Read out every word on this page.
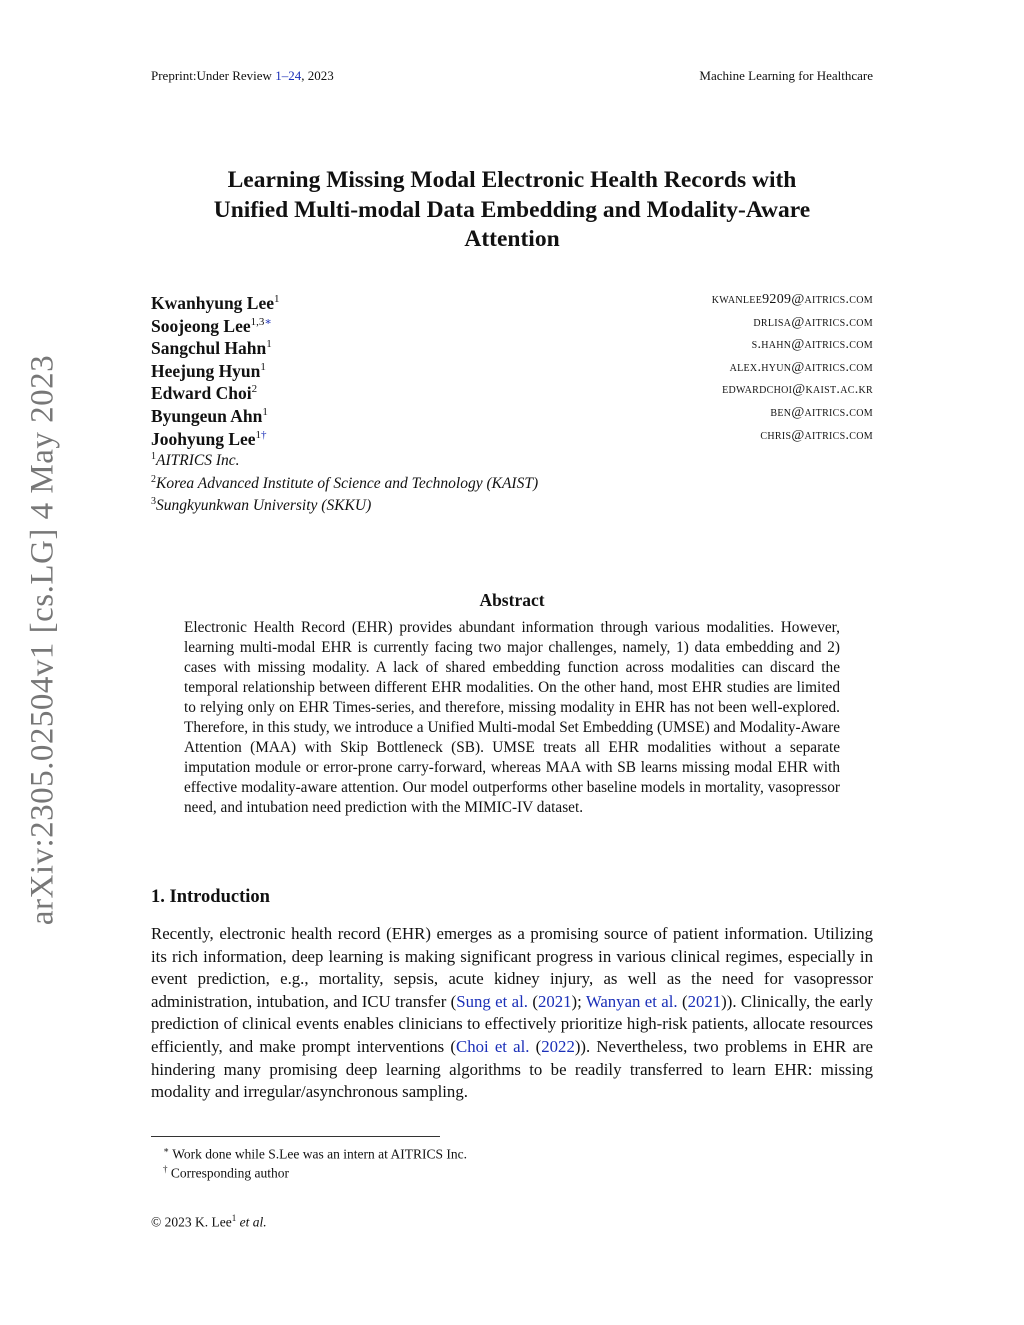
Preprint:Under Review 1–24, 2023	Machine Learning for Healthcare
arXiv:2305.02504v1 [cs.LG] 4 May 2023
Learning Missing Modal Electronic Health Records with
Unified Multi-modal Data Embedding and Modality-Aware
Attention
Kwanhyung Lee$^1$	kwanlee9209@aitrics.com
Soojeong Lee$^{1,3∗}$	drlisa@aitrics.com
Sangchul Hahn$^1$	s.hahn@aitrics.com
Heejung Hyun$^1$	alex.hyun@aitrics.com
Edward Choi$^2$	edwardchoi@kaist.ac.kr
Byungeun Ahn$^1$	ben@aitrics.com
Joohyung Lee$^{1\dagger}$	chris@aitrics.com
$^1$AITRICS Inc.
$^2$Korea Advanced Institute of Science and Technology (KAIST)
$^3$Sungkyunkwan University (SKKU)
Abstract
Electronic Health Record (EHR) provides abundant information through various modalities. However, learning multi-modal EHR is currently facing two major challenges, namely, 1) data embedding and 2) cases with missing modality. A lack of shared embedding function across modalities can discard the temporal relationship between different EHR modalities. On the other hand, most EHR studies are limited to relying only on EHR Times-series, and therefore, missing modality in EHR has not been well-explored. Therefore, in this study, we introduce a Unified Multi-modal Set Embedding (UMSE) and Modality-Aware Attention (MAA) with Skip Bottleneck (SB). UMSE treats all EHR modalities without a separate imputation module or error-prone carry-forward, whereas MAA with SB learns missing modal EHR with effective modality-aware attention. Our model outperforms other baseline models in mortality, vasopressor need, and intubation need prediction with the MIMIC-IV dataset.
1. Introduction
Recently, electronic health record (EHR) emerges as a promising source of patient information. Utilizing its rich information, deep learning is making significant progress in various clinical regimes, especially in event prediction, e.g., mortality, sepsis, acute kidney injury, as well as the need for vasopressor administration, intubation, and ICU transfer (Sung et al. (2021); Wanyan et al. (2021)). Clinically, the early prediction of clinical events enables clinicians to effectively prioritize high-risk patients, allocate resources efficiently, and make prompt interventions (Choi et al. (2022)). Nevertheless, two problems in EHR are hindering many promising deep learning algorithms to be readily transferred to learn EHR: missing modality and irregular/asynchronous sampling.
∗ Work done while S.Lee was an intern at AITRICS Inc.
† Corresponding author
© 2023 K. Lee$^1$ et al.
